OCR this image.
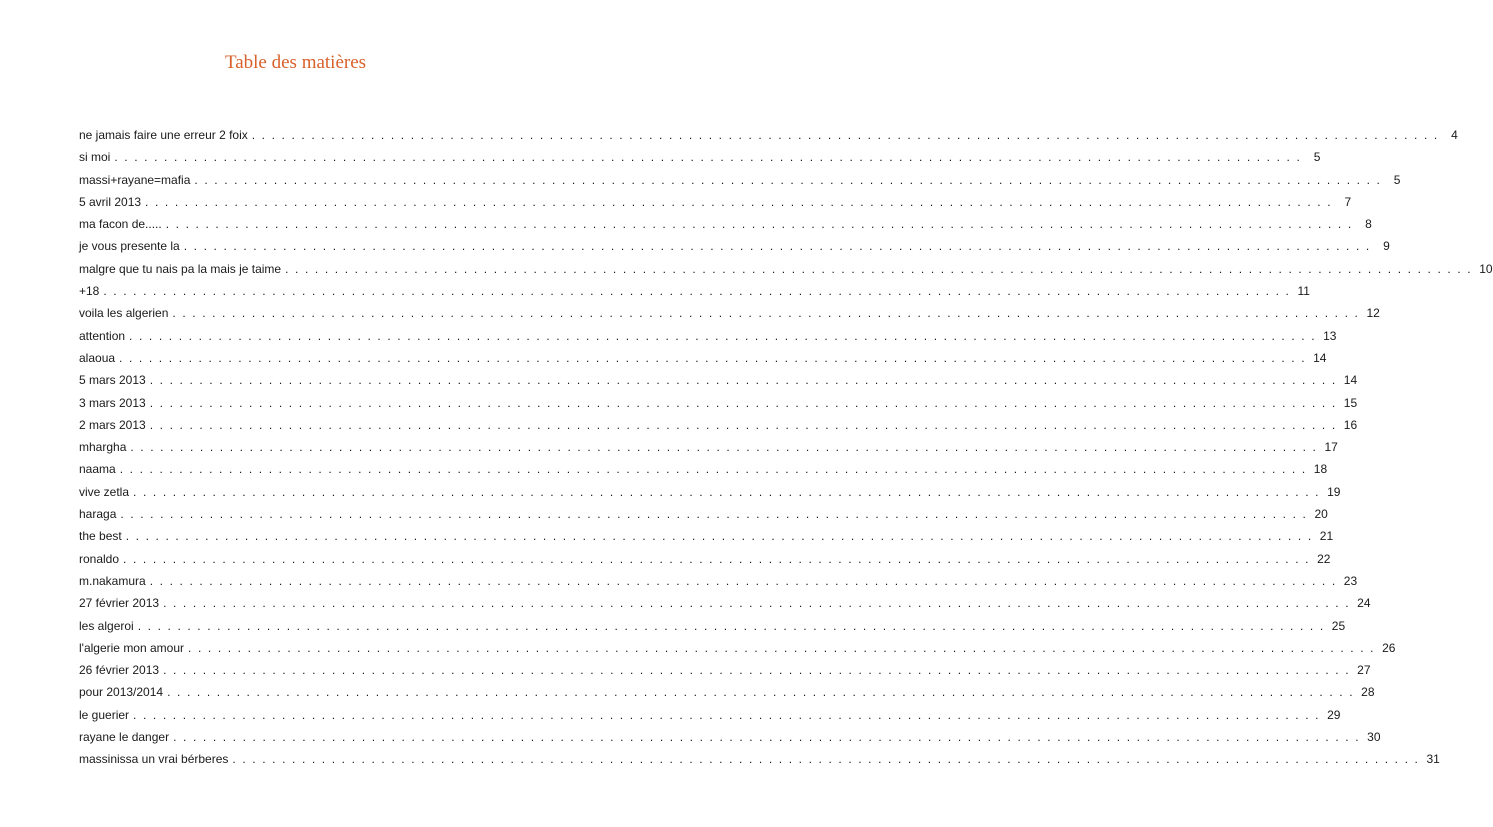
Table des matières
ne jamais faire une erreur 2 foix ........................................................................................................................ 4
si moi ........................................................................................................................ 5
massi+rayane=mafia ........................................................................................................................ 5
5 avril 2013 ........................................................................................................................ 7
ma facon de..... ........................................................................................................................ 8
je vous presente la ........................................................................................................................ 9
malgre que tu nais pa la mais je taime ........................................................................................................................ 10
+18 ........................................................................................................................ 11
voila les algerien ........................................................................................................................ 12
attention ........................................................................................................................ 13
alaoua ........................................................................................................................ 14
5 mars 2013 ........................................................................................................................ 14
3 mars 2013 ........................................................................................................................ 15
2 mars 2013 ........................................................................................................................ 16
mhargha ........................................................................................................................ 17
naama ........................................................................................................................ 18
vive zetla ........................................................................................................................ 19
haraga ........................................................................................................................ 20
the best ........................................................................................................................ 21
ronaldo ........................................................................................................................ 22
m.nakamura ........................................................................................................................ 23
27 février 2013 ........................................................................................................................ 24
les algeroi ........................................................................................................................ 25
l'algerie mon amour ........................................................................................................................ 26
26 février 2013 ........................................................................................................................ 27
pour 2013/2014 ........................................................................................................................ 28
le guerier ........................................................................................................................ 29
rayane le danger ........................................................................................................................ 30
massinissa un vrai bérberes ........................................................................................................................ 31
